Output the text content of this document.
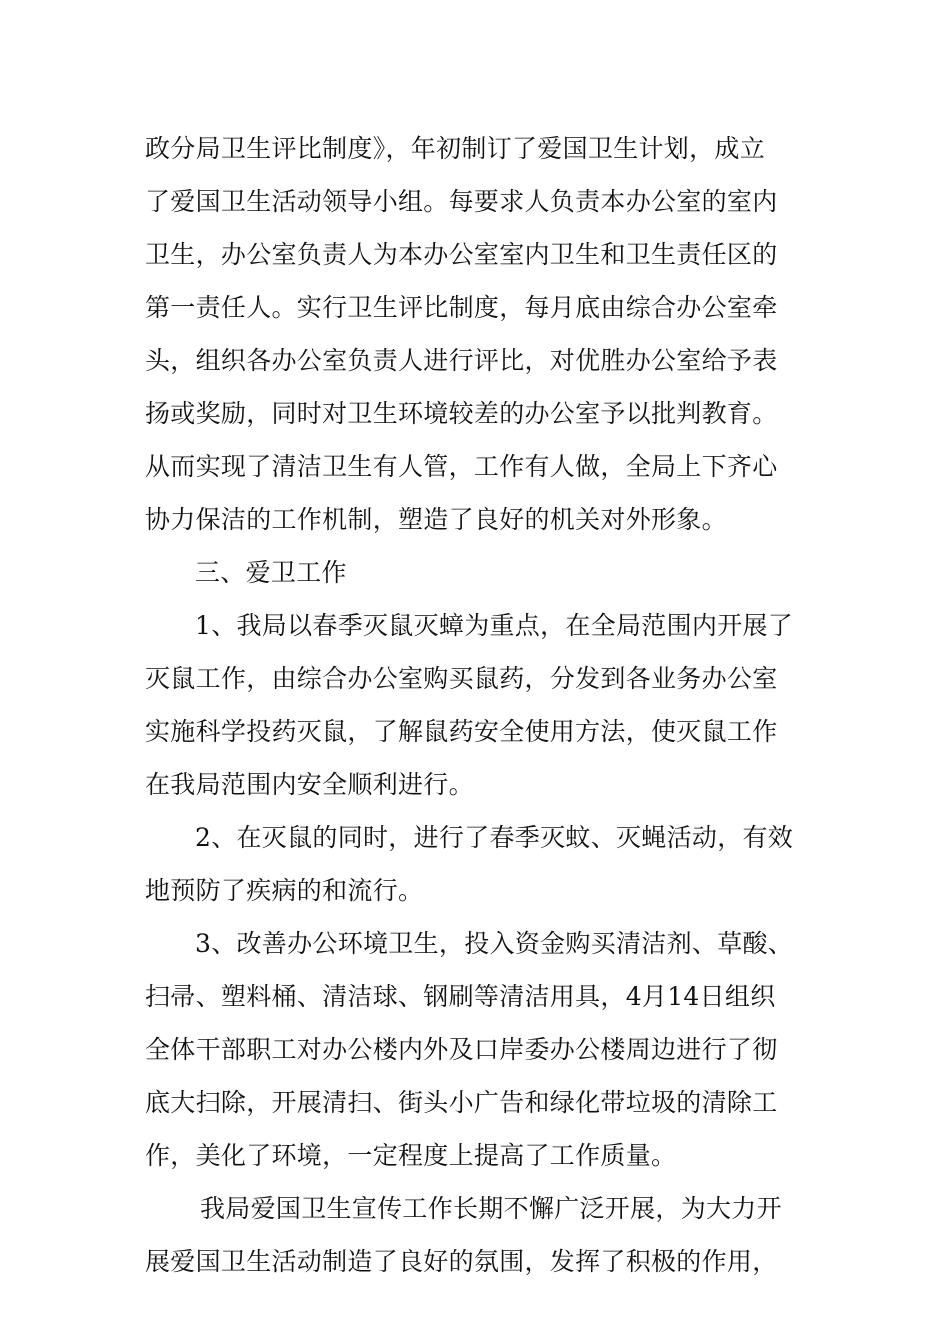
政分局卫生评比制度》，年初制订了爱国卫生计划，成立
了爱国卫生活动领导小组。每要求人负责本办公室的室内
卫生，办公室负责人为本办公室室内卫生和卫生责任区的
第一责任人。实行卫生评比制度，每月底由综合办公室牵
头，组织各办公室负责人进行评比，对优胜办公室给予表
扬或奖励，同时对卫生环境较差的办公室予以批判教育。
从而实现了清洁卫生有人管，工作有人做，全局上下齐心
协力保洁的工作机制，塑造了良好的机关对外形象。
三、爱卫工作
1、我局以春季灭鼠灭蟑为重点，在全局范围内开展了
灭鼠工作，由综合办公室购买鼠药，分发到各业务办公室
实施科学投药灭鼠，了解鼠药安全使用方法，使灭鼠工作
在我局范围内安全顺利进行。
2、在灭鼠的同时，进行了春季灭蚊、灭蝇活动，有效
地预防了疾病的和流行。
3、改善办公环境卫生，投入资金购买清洁剂、草酸、
扫帚、塑料桶、清洁球、钢刷等清洁用具，4月14日组织
全体干部职工对办公楼内外及口岸委办公楼周边进行了彻
底大扫除，开展清扫、街头小广告和绿化带垃圾的清除工
作，美化了环境，一定程度上提高了工作质量。
我局爱国卫生宣传工作长期不懈广泛开展，为大力开
展爱国卫生活动制造了良好的氛围，发挥了积极的作用，
